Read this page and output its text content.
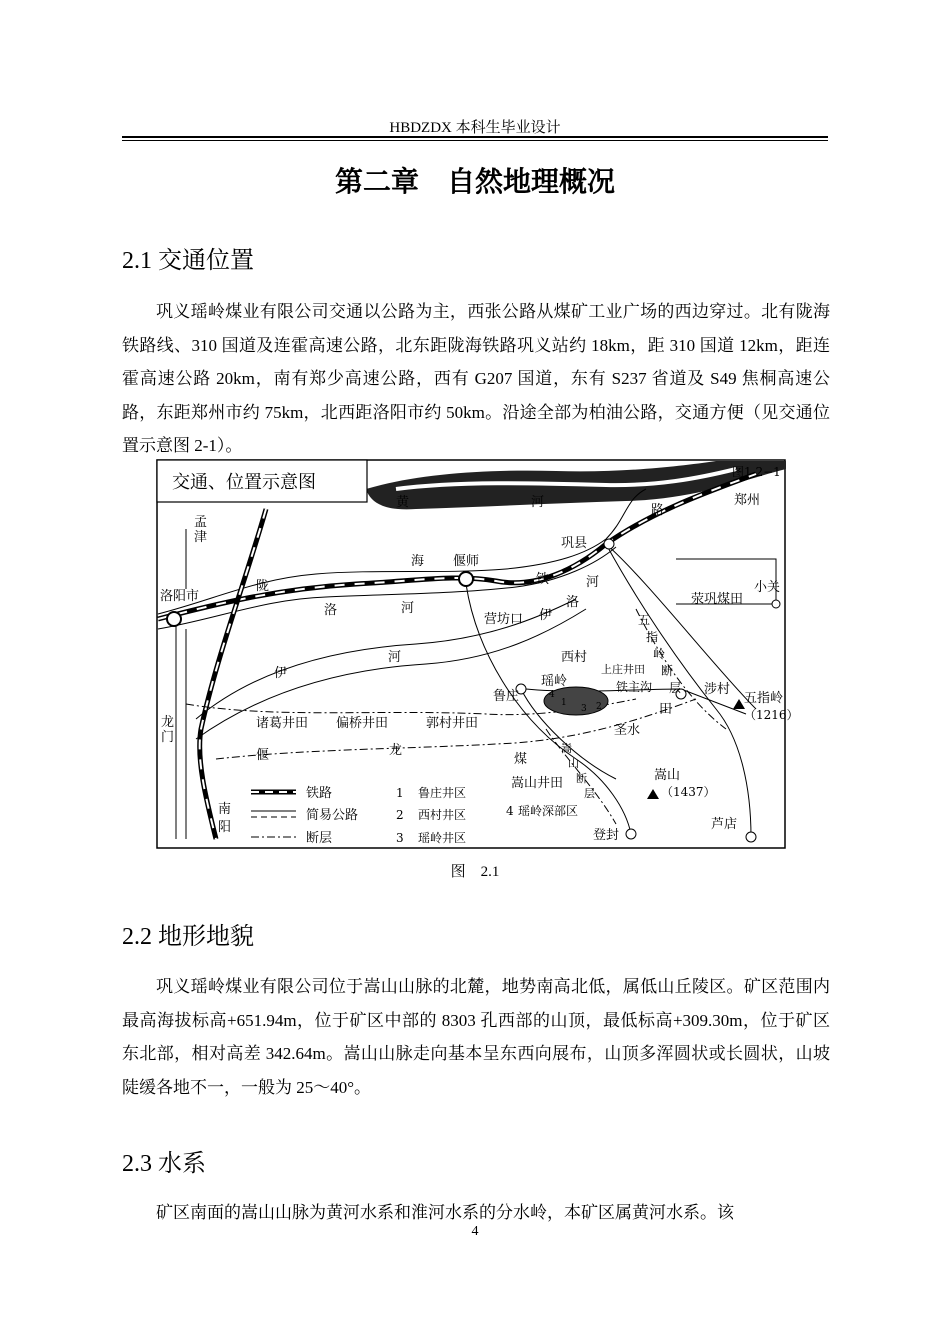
HBDZDX 本科生毕业设计
第二章　自然地理概况
2.1 交通位置
巩义瑶岭煤业有限公司交通以公路为主，西张公路从煤矿工业广场的西边穿过。北有陇海铁路线、310 国道及连霍高速公路，北东距陇海铁路巩义站约 18km，距 310 国道 12km，距连霍高速公路 20km，南有郑少高速公路，西有 G207 国道，东有 S237 省道及 S49 焦桐高速公路，东距郑州市约 75km，北西距洛阳市约 50km。沿途全部为柏油公路，交通方便（见交通位置示意图 2-1）。
交通、位置示意图
图1.2−1
黄	河
路
郑州
巩县
孟
津
洛阳市
陇
海 偃师
铁	河
洛	河
营坊口 伊
洛
伊
河
小关
荥巩煤田
五
指
岭
断
层
西村
上庄井田
铁主沟
瑶岭
鲁庄	涉村
五指岭
（1216）
田
圣水
龙
门
诸葛井田 偏桥井田	郭村井田
偃	龙
煤
嵩山井田
嵩
山
断
层
嵩山
（1437）
南
阳
登封
芦店
1	2
3
4
铁路
简易公路
断层
1 鲁庄井区
2 西村井区
3 瑶岭井区
4 瑶岭深部区
图　2.1
2.2 地形地貌
巩义瑶岭煤业有限公司位于嵩山山脉的北麓，地势南高北低，属低山丘陵区。矿区范围内最高海拔标高+651.94m，位于矿区中部的 8303 孔西部的山顶，最低标高+309.30m，位于矿区东北部，相对高差 342.64m。嵩山山脉走向基本呈东西向展布，山顶多浑圆状或长圆状，山坡陡缓各地不一，一般为 25～40°。
2.3 水系
矿区南面的嵩山山脉为黄河水系和淮河水系的分水岭，本矿区属黄河水系。该
4
